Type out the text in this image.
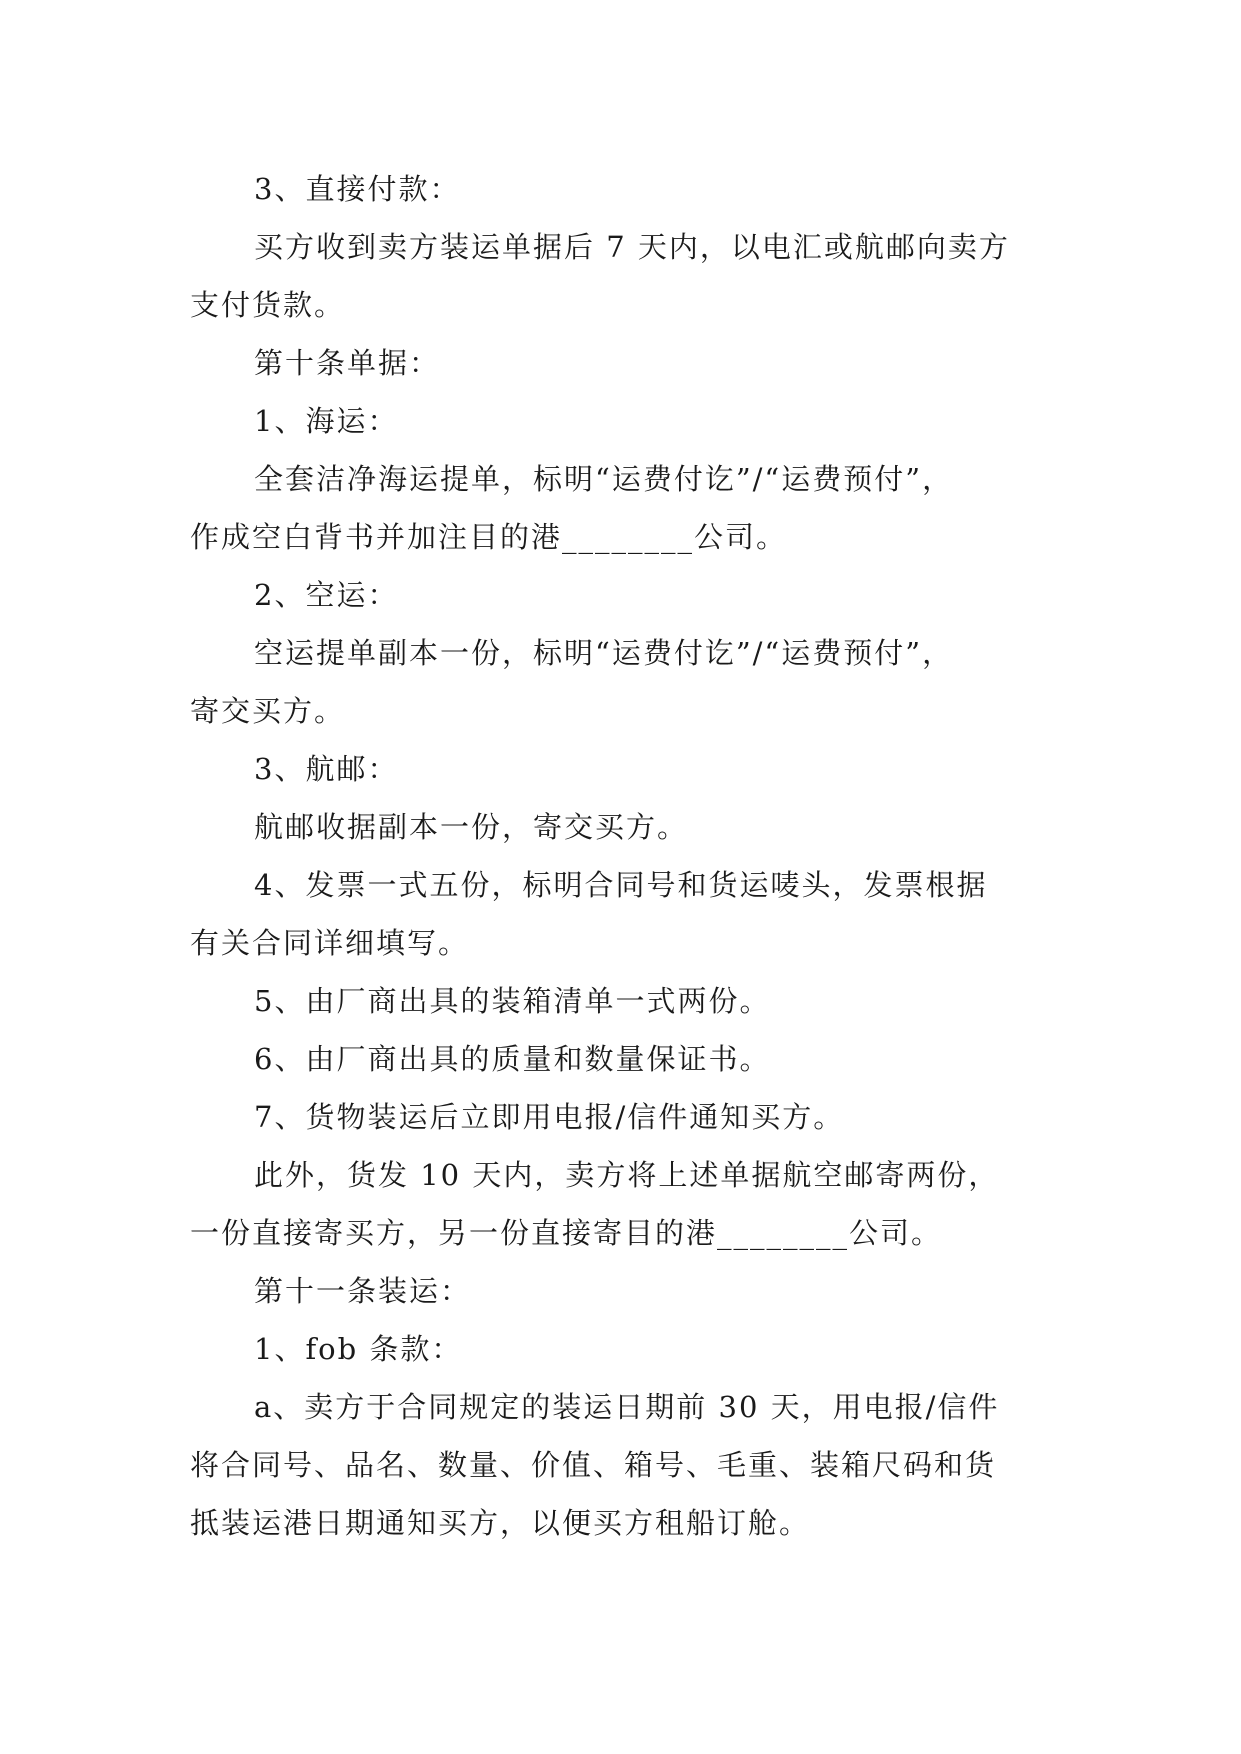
3、直接付款：
买方收到卖方装运单据后 7 天内，以电汇或航邮向卖方
支付货款。
第十条单据：
1、海运：
全套洁净海运提单，标明“运费付讫”/“运费预付”，
作成空白背书并加注目的港________公司。
2、空运：
空运提单副本一份，标明“运费付讫”/“运费预付”，
寄交买方。
3、航邮：
航邮收据副本一份，寄交买方。
4、发票一式五份，标明合同号和货运唛头，发票根据
有关合同详细填写。
5、由厂商出具的装箱清单一式两份。
6、由厂商出具的质量和数量保证书。
7、货物装运后立即用电报/信件通知买方。
此外，货发 10 天内，卖方将上述单据航空邮寄两份，
一份直接寄买方，另一份直接寄目的港________公司。
第十一条装运：
1、fob 条款：
a、卖方于合同规定的装运日期前 30 天，用电报/信件
将合同号、品名、数量、价值、箱号、毛重、装箱尺码和货
抵装运港日期通知买方，以便买方租船订舱。
